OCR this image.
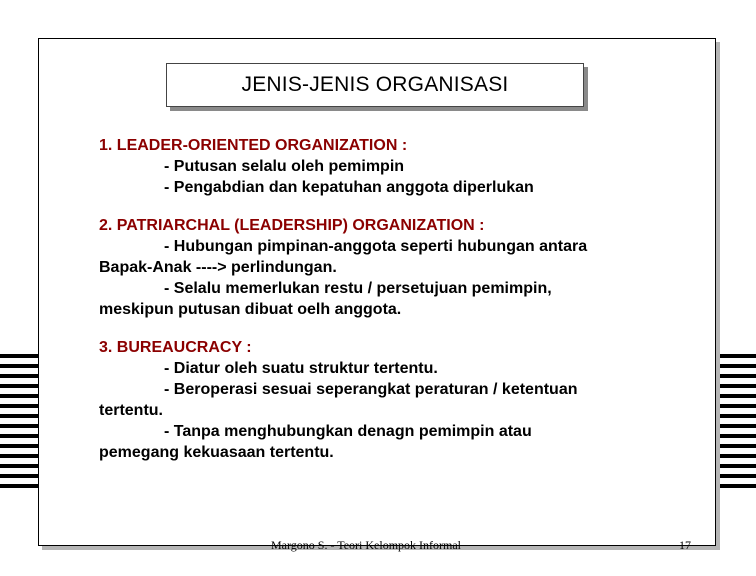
JENIS-JENIS ORGANISASI
1. LEADER-ORIENTED ORGANIZATION :
- Putusan selalu oleh pemimpin
- Pengabdian dan kepatuhan anggota diperlukan
2. PATRIARCHAL (LEADERSHIP) ORGANIZATION :
- Hubungan pimpinan-anggota seperti hubungan antara
Bapak-Anak ----> perlindungan.
- Selalu memerlukan restu / persetujuan pemimpin,
meskipun putusan dibuat oelh anggota.
3. BUREAUCRACY :
- Diatur oleh suatu struktur tertentu.
- Beroperasi sesuai seperangkat peraturan / ketentuan
tertentu.
- Tanpa menghubungkan denagn pemimpin atau
pemegang kekuasaan tertentu.
Margono S. - Teori Kelompok Informal	17
